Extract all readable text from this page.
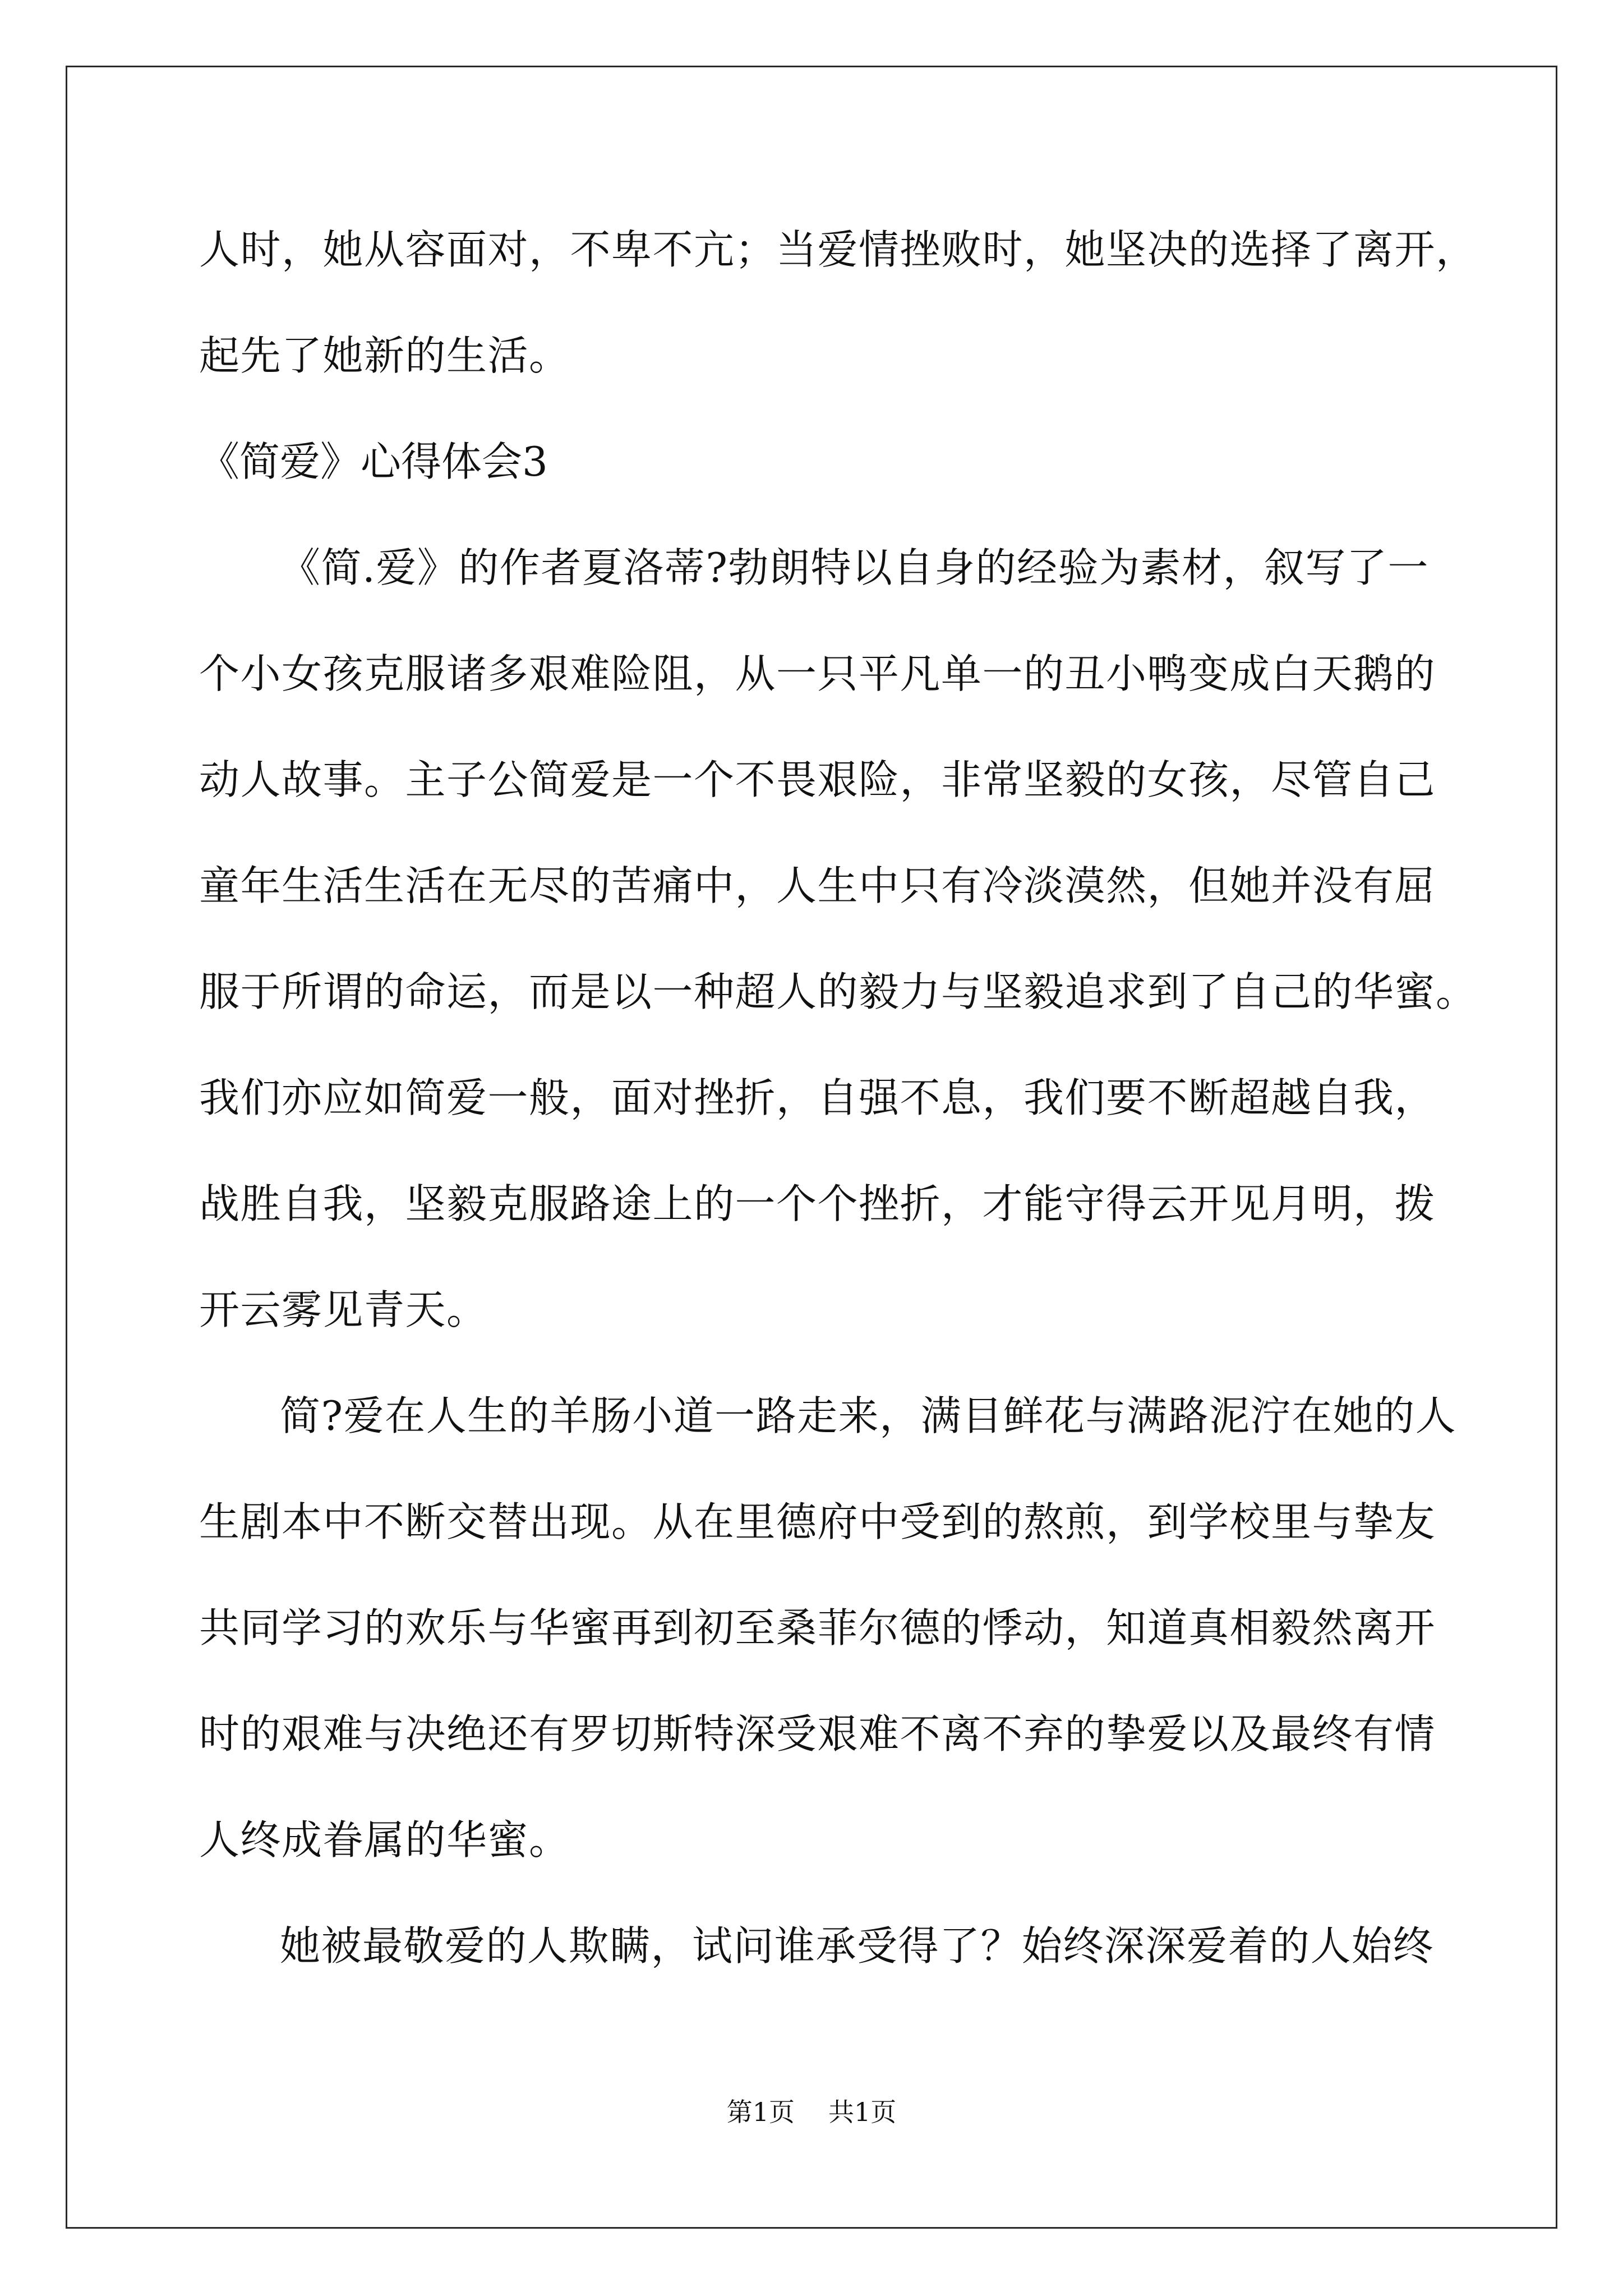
人时，她从容面对，不卑不亢；当爱情挫败时，她坚决的选择了离开，
起先了她新的生活。
《简爱》心得体会3
《简.爱》的作者夏洛蒂?勃朗特以自身的经验为素材，叙写了一
个小女孩克服诸多艰难险阻，从一只平凡单一的丑小鸭变成白天鹅的
动人故事。主子公简爱是一个不畏艰险，非常坚毅的女孩，尽管自己
童年生活生活在无尽的苦痛中，人生中只有冷淡漠然，但她并没有屈
服于所谓的命运，而是以一种超人的毅力与坚毅追求到了自己的华蜜。
我们亦应如简爱一般，面对挫折，自强不息，我们要不断超越自我，
战胜自我，坚毅克服路途上的一个个挫折，才能守得云开见月明，拨
开云雾见青天。
简?爱在人生的羊肠小道一路走来，满目鲜花与满路泥泞在她的人
生剧本中不断交替出现。从在里德府中受到的熬煎，到学校里与挚友
共同学习的欢乐与华蜜再到初至桑菲尔德的悸动，知道真相毅然离开
时的艰难与决绝还有罗切斯特深受艰难不离不弃的挚爱以及最终有情
人终成眷属的华蜜。
她被最敬爱的人欺瞒，试问谁承受得了？始终深深爱着的人始终
第1页 共1页
